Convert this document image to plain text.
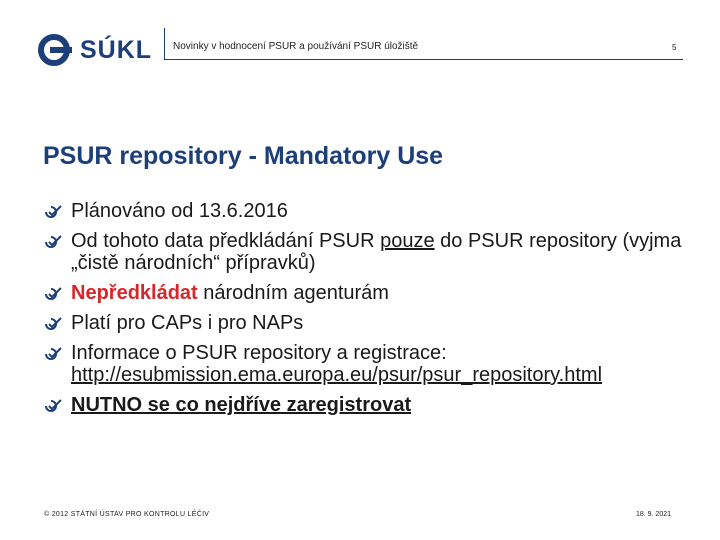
SÚKL Novinky v hodnocení PSUR a používání PSUR úložiště	5
PSUR repository - Mandatory Use
Plánováno od 13.6.2016
Od tohoto data předkládání PSUR pouze do PSUR repository (vyjma „čistě národních“ přípravků)
Nepředkládat národním agenturám
Platí pro CAPs i pro NAPs
Informace o PSUR repository a registrace:
http://esubmission.ema.europa.eu/psur/psur_repository.html
NUTNO se co nejdříve zaregistrovat
© 2012 STÁTNÍ ÚSTAV PRO KONTROLU LÉČIV	18. 9. 2021
